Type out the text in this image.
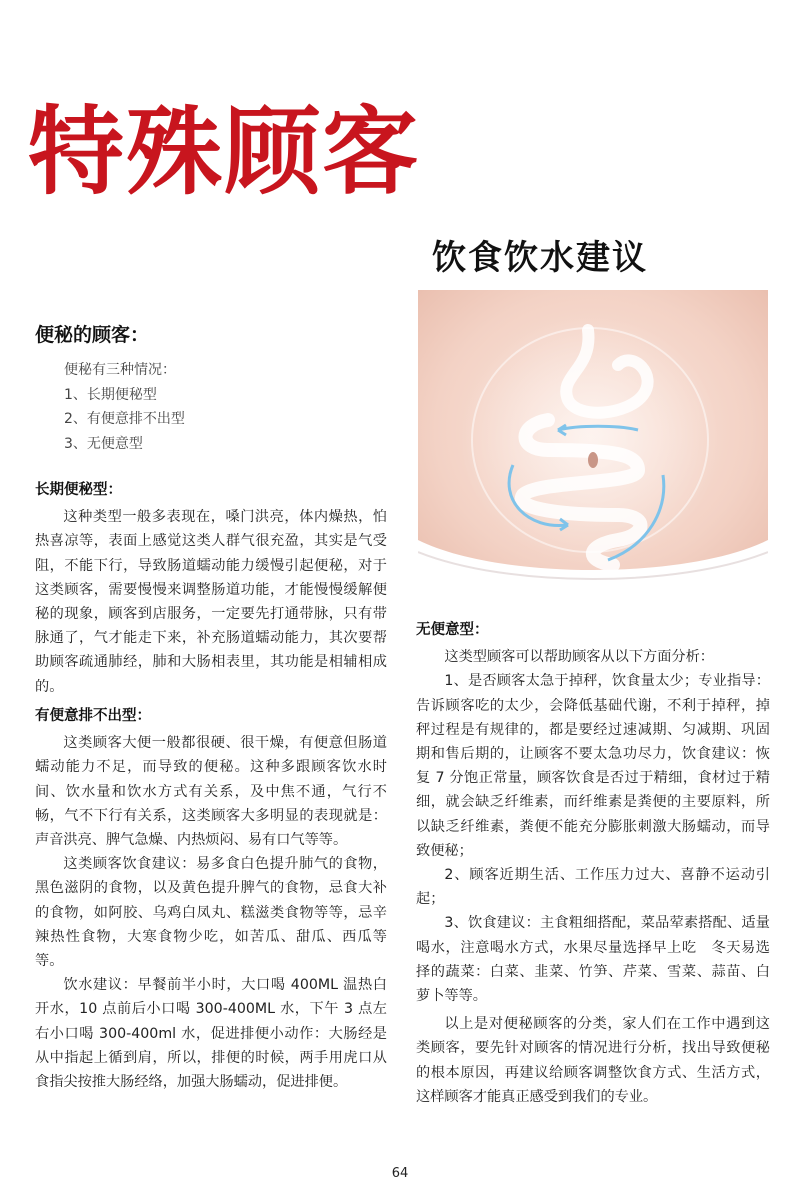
特殊顾客
饮食饮水建议
便秘的顾客：
便秘有三种情况：
1、长期便秘型
2、有便意排不出型
3、无便意型
长期便秘型：

这种类型一般多表现在，嗓门洪亮，体内燥热，怕热喜凉等，表面上感觉这类人群气很充盈，其实是气受阻，不能下行，导致肠道蠕动能力缓慢引起便秘，对于这类顾客，需要慢慢来调整肠道功能，才能慢慢缓解便秘的现象，顾客到店服务，一定要先打通带脉，只有带脉通了，气才能走下来，补充肠道蠕动能力，其次要帮助顾客疏通肺经，肺和大肠相表里，其功能是相辅相成的。

有便意排不出型：

这类顾客大便一般都很硬、很干燥，有便意但肠道蠕动能力不足，而导致的便秘。这种多跟顾客饮水时间、饮水量和饮水方式有关系，及中焦不通，气行不畅，气不下行有关系，这类顾客大多明显的表现就是：声音洪亮、脾气急燥、内热烦闷、易有口气等等。

这类顾客饮食建议：易多食白色提升肺气的食物，黑色滋阴的食物，以及黄色提升脾气的食物，忌食大补的食物，如阿胶、乌鸡白凤丸、糕滋类食物等等，忌辛辣热性食物，大寒食物少吃，如苦瓜、甜瓜、西瓜等等。

饮水建议：早餐前半小时，大口喝 400ML 温热白开水，10 点前后小口喝 300-400ML 水，下午 3 点左右小口喝 300-400ml 水，促进排便小动作：大肠经是从中指起上循到肩，所以，排便的时候，两手用虎口从食指尖按推大肠经络，加强大肠蠕动，促进排便。

无便意型：

这类型顾客可以帮助顾客从以下方面分析：

1、是否顾客太急于掉秤，饮食量太少；专业指导：告诉顾客吃的太少，会降低基础代谢，不利于掉秤，掉秤过程是有规律的，都是要经过速减期、匀减期、巩固期和售后期的，让顾客不要太急功尽力，饮食建议：恢复 7 分饱正常量，顾客饮食是否过于精细，食材过于精细，就会缺乏纤维素，而纤维素是粪便的主要原料，所以缺乏纤维素，粪便不能充分膨胀刺激大肠蠕动，而导致便秘；

2、顾客近期生活、工作压力过大、喜静不运动引起；

3、饮食建议：主食粗细搭配，菜品荤素搭配、适量喝水，注意喝水方式，水果尽量选择早上吃　冬天易选择的蔬菜：白菜、韭菜、竹笋、芹菜、雪菜、蒜苗、白萝卜等等。

以上是对便秘顾客的分类，家人们在工作中遇到这类顾客，要先针对顾客的情况进行分析，找出导致便秘的根本原因，再建议给顾客调整饮食方式、生活方式，这样顾客才能真正感受到我们的专业。

64
